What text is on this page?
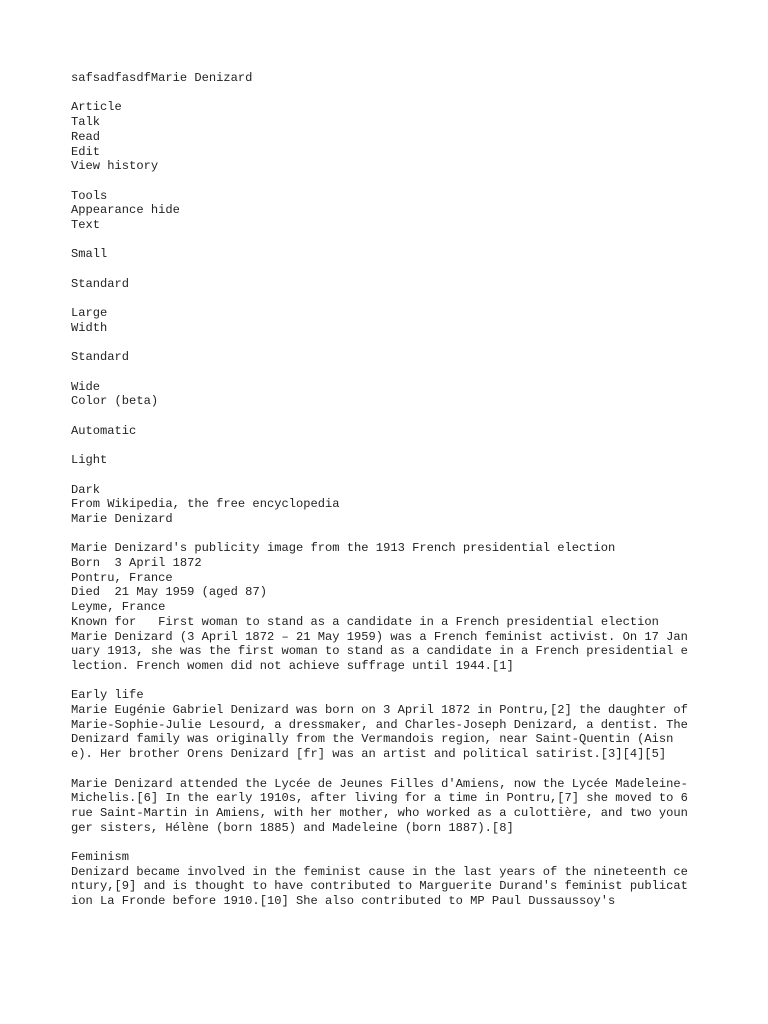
safsadfasdfMarie Denizard
Article
Talk
Read
Edit
View history
Tools
Appearance hide
Text
Small
Standard
Large
Width
Standard
Wide
Color (beta)
Automatic
Light
Dark
From Wikipedia, the free encyclopedia
Marie Denizard
Marie Denizard's publicity image from the 1913 French presidential election
Born 3 April 1872
Pontru, France
Died 21 May 1959 (aged 87)
Leyme, France
Known for First woman to stand as a candidate in a French presidential election
Marie Denizard (3 April 1872 – 21 May 1959) was a French feminist activist. On 17 January 1913, she was the first woman to stand as a candidate in a French presidential election. French women did not achieve suffrage until 1944.[1]
Early life
Marie Eugénie Gabriel Denizard was born on 3 April 1872 in Pontru,[2] the daughter of Marie-Sophie-Julie Lesourd, a dressmaker, and Charles-Joseph Denizard, a dentist. The Denizard family was originally from the Vermandois region, near Saint-Quentin (Aisne). Her brother Orens Denizard [fr] was an artist and political satirist.[3][4][5]
Marie Denizard attended the Lycée de Jeunes Filles d'Amiens, now the Lycée Madeleine-Michelis.[6] In the early 1910s, after living for a time in Pontru,[7] she moved to 6 rue Saint-Martin in Amiens, with her mother, who worked as a culottière, and two younger sisters, Hélène (born 1885) and Madeleine (born 1887).[8]
Feminism
Denizard became involved in the feminist cause in the last years of the nineteenth century,[9] and is thought to have contributed to Marguerite Durand's feminist publication La Fronde before 1910.[10] She also contributed to MP Paul Dussaussoy's
